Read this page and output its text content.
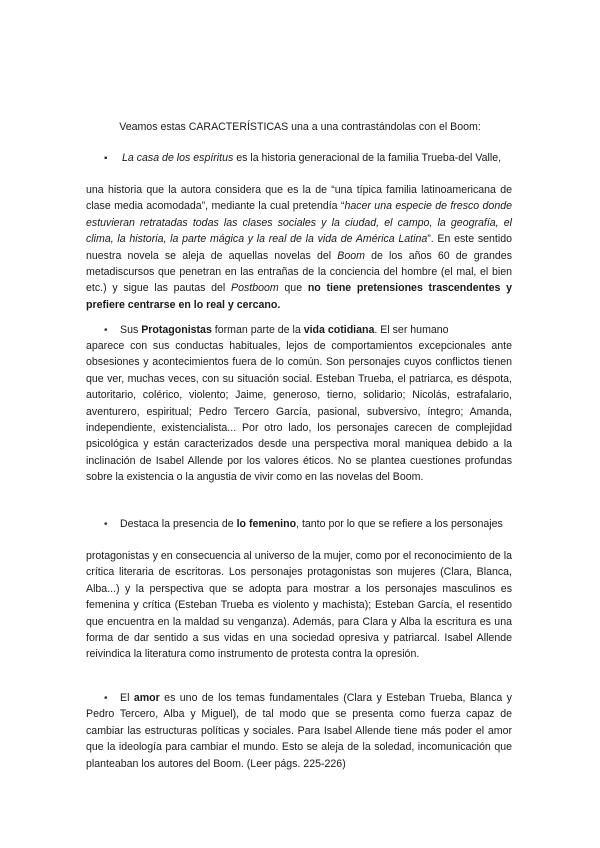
Veamos estas CARACTERÍSTICAS una a una contrastándolas con el Boom:
▪ La casa de los espíritus es la historia generacional de la familia Trueba-del Valle,

una historia que la autora considera que es la de “una típica familia latinoamericana de clase media acomodada”, mediante la cual pretendía “hacer una especie de fresco donde estuvieran retratadas todas las clases sociales y la ciudad, el campo, la geografía, el clima, la historia, la parte mágica y la real de la vida de América Latina”. En este sentido nuestra novela se aleja de aquellas novelas del Boom de los años 60 de grandes metadiscursos que penetran en las entrañas de la conciencia del hombre (el mal, el bien etc.) y sigue las pautas del Postboom que no tiene pretensiones trascendentes y prefiere centrarse en lo real y cercano.

• Sus Protagonistas forman parte de la vida cotidiana. El ser humano

aparece con sus conductas habituales, lejos de comportamientos excepcionales ante obsesiones y acontecimientos fuera de lo común. Son personajes cuyos conflictos tienen que ver, muchas veces, con su situación social. Esteban Trueba, el patriarca, es déspota, autoritario, colérico, violento; Jaime, generoso, tierno, solidario; Nicolás, estrafalario, aventurero, espiritual; Pedro Tercero García, pasional, subversivo, íntegro; Amanda, independiente, existencialista... Por otro lado, los personajes carecen de complejidad psicológica y están caracterizados desde una perspectiva moral maniquea debido a la inclinación de Isabel Allende por los valores éticos. No se plantea cuestiones profundas sobre la existencia o la angustia de vivir como en las novelas del Boom.

• Destaca la presencia de lo femenino, tanto por lo que se refiere a los personajes

protagonistas y en consecuencia al universo de la mujer, como por el reconocimiento de la crítica literaria de escritoras. Los personajes protagonistas son mujeres (Clara, Blanca, Alba...) y la perspectiva que se adopta para mostrar a los personajes masculinos es femenina y crítica (Esteban Trueba es violento y machista); Esteban García, el resentido que encuentra en la maldad su venganza). Además, para Clara y Alba la escritura es una forma de dar sentido a sus vidas en una sociedad opresiva y patriarcal. Isabel Allende reivindica la literatura como instrumento de protesta contra la opresión.

•	El amor es uno de los temas fundamentales (Clara y Esteban Trueba, Blanca y Pedro Tercero, Alba y Miguel), de tal modo que se presenta como fuerza capaz de cambiar las estructuras políticas y sociales. Para Isabel Allende tiene más poder el amor que la ideología para cambiar el mundo. Esto se aleja de la soledad, incomunicación que planteaban los autores del Boom. (Leer págs. 225-226)
